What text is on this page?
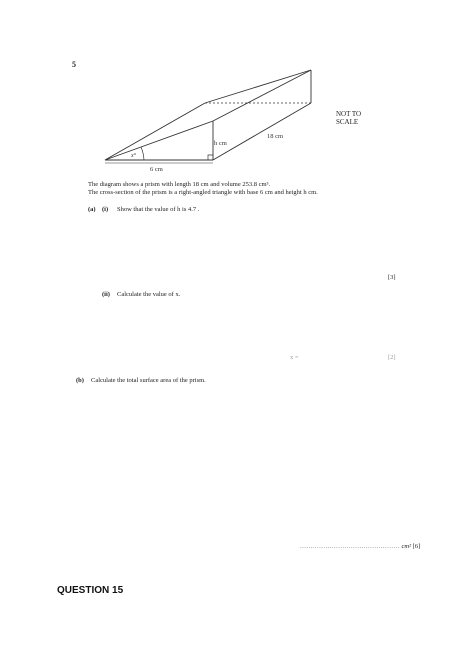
5
x°
6 cm
h cm
18 cm
NOT TO
SCALE
The diagram shows a prism with length 18 cm and volume 253.8 cm³.
The cross-section of the prism is a right-angled triangle with base 6 cm and height h cm.
(a) (i) Show that the value of h is 4.7 .
[3]
(ii) Calculate the value of x.
x =	[2]
(b) Calculate the total surface area of the prism.
............................................... cm² [6]
QUESTION 15
